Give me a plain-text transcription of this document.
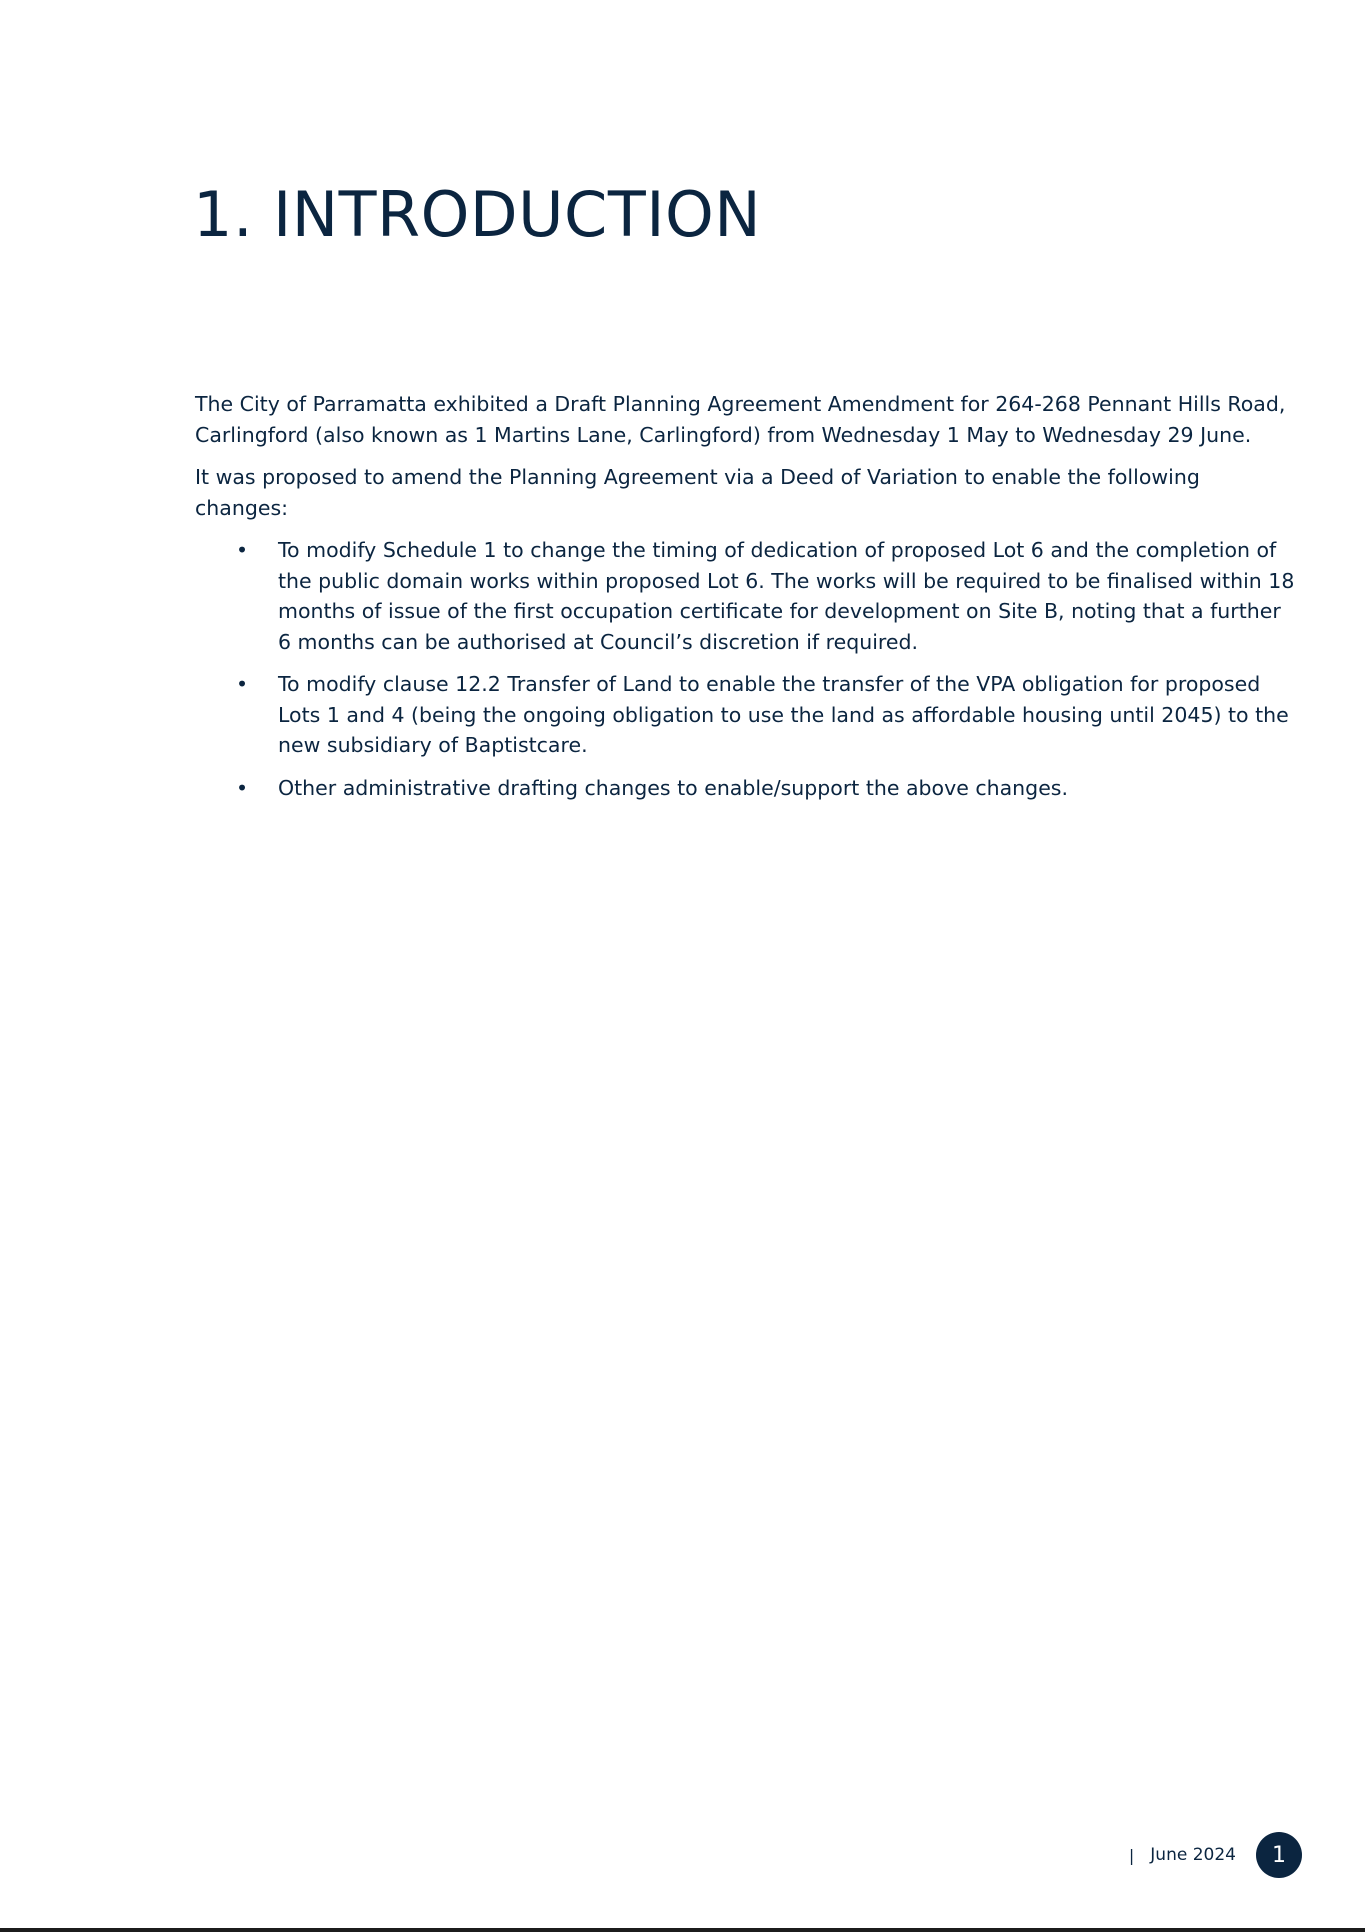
1. INTRODUCTION

The City of Parramatta exhibited a Draft Planning Agreement Amendment for 264-268 Pennant Hills Road, Carlingford (also known as 1 Martins Lane, Carlingford) from Wednesday 1 May to Wednesday 29 June.

It was proposed to amend the Planning Agreement via a Deed of Variation to enable the following changes:

• To modify Schedule 1 to change the timing of dedication of proposed Lot 6 and the completion of the public domain works within proposed Lot 6. The works will be required to be finalised within 18 months of issue of the first occupation certificate for development on Site B, noting that a further 6 months can be authorised at Council’s discretion if required.
• To modify clause 12.2 Transfer of Land to enable the transfer of the VPA obligation for proposed Lots 1 and 4 (being the ongoing obligation to use the land as affordable housing until 2045) to the new subsidiary of Baptistcare.
• Other administrative drafting changes to enable/support the above changes.
| June 2024	1
